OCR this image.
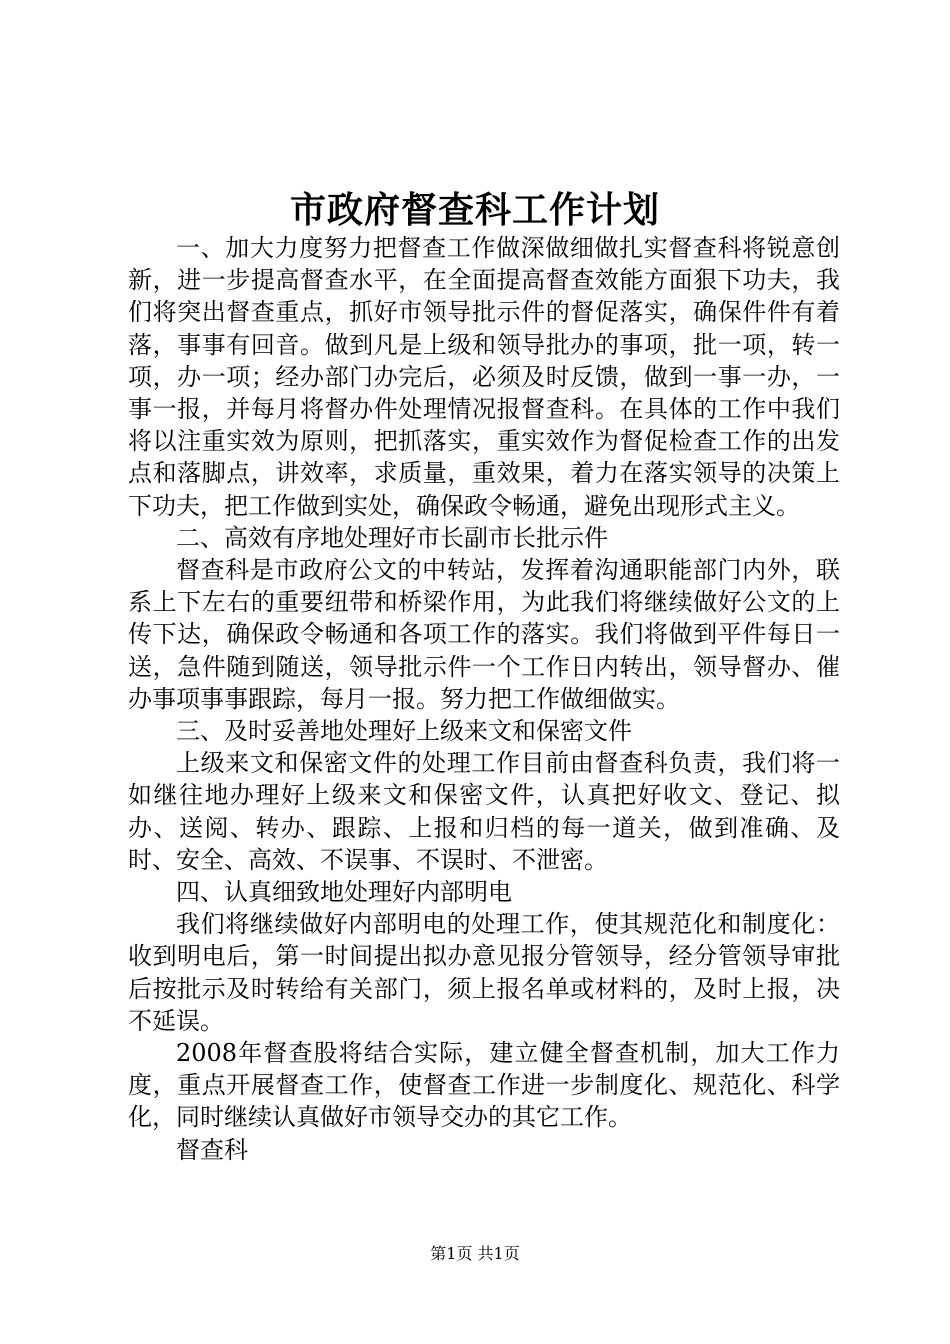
市政府督查科工作计划

一、加大力度努力把督查工作做深做细做扎实督查科将锐意创新，进一步提高督查水平，在全面提高督查效能方面狠下功夫，我们将突出督查重点，抓好市领导批示件的督促落实，确保件件有着落，事事有回音。做到凡是上级和领导批办的事项，批一项，转一项，办一项；经办部门办完后，必须及时反馈，做到一事一办，一事一报，并每月将督办件处理情况报督查科。在具体的工作中我们将以注重实效为原则，把抓落实，重实效作为督促检查工作的出发点和落脚点，讲效率，求质量，重效果，着力在落实领导的决策上下功夫，把工作做到实处，确保政令畅通，避免出现形式主义。

二、高效有序地处理好市长副市长批示件

督查科是市政府公文的中转站，发挥着沟通职能部门内外，联系上下左右的重要纽带和桥梁作用，为此我们将继续做好公文的上传下达，确保政令畅通和各项工作的落实。我们将做到平件每日一送，急件随到随送，领导批示件一个工作日内转出，领导督办、催办事项事事跟踪，每月一报。努力把工作做细做实。

三、及时妥善地处理好上级来文和保密文件

上级来文和保密文件的处理工作目前由督查科负责，我们将一如继往地办理好上级来文和保密文件，认真把好收文、登记、拟办、送阅、转办、跟踪、上报和归档的每一道关，做到准确、及时、安全、高效、不误事、不误时、不泄密。

四、认真细致地处理好内部明电

我们将继续做好内部明电的处理工作，使其规范化和制度化：收到明电后，第一时间提出拟办意见报分管领导，经分管领导审批后按批示及时转给有关部门，须上报名单或材料的，及时上报，决不延误。

2008年督查股将结合实际，建立健全督查机制，加大工作力度，重点开展督查工作，使督查工作进一步制度化、规范化、科学化，同时继续认真做好市领导交办的其它工作。

督查科

第1页 共1页
